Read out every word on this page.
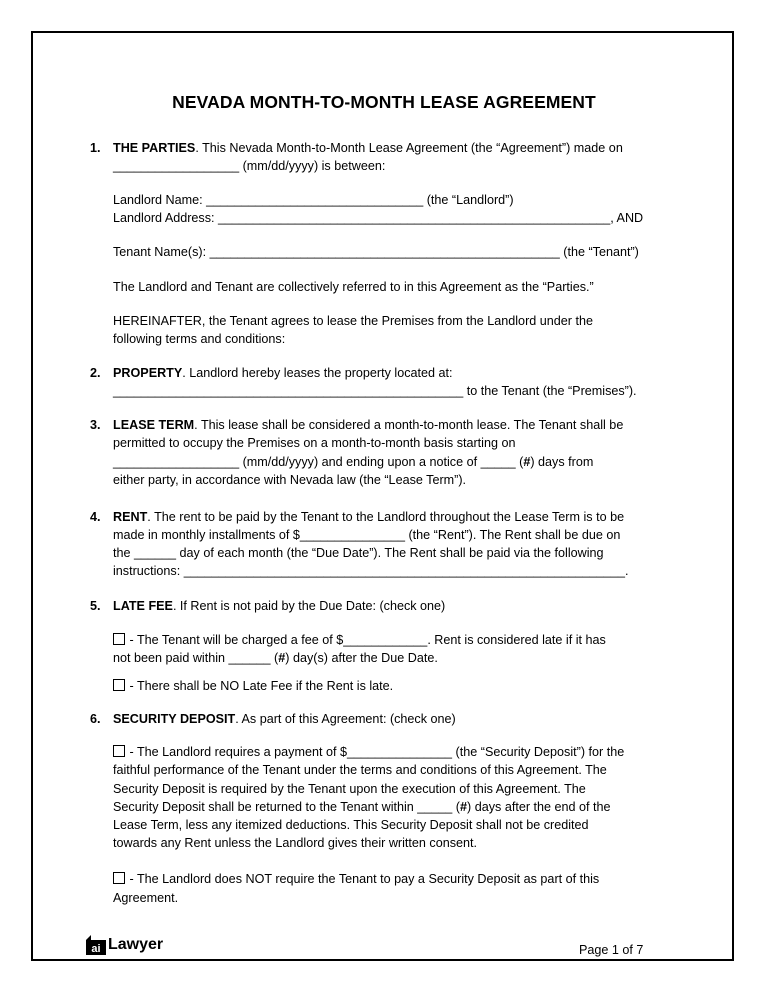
NEVADA MONTH-TO-MONTH LEASE AGREEMENT
1. THE PARTIES. This Nevada Month-to-Month Lease Agreement (the “Agreement”) made on
__________________ (mm/dd/yyyy) is between:
Landlord Name: _______________________________ (the “Landlord”)
Landlord Address: ________________________________________________________, AND
Tenant Name(s): __________________________________________________ (the “Tenant”)
The Landlord and Tenant are collectively referred to in this Agreement as the “Parties.”
HEREINAFTER, the Tenant agrees to lease the Premises from the Landlord under the
following terms and conditions:
2. PROPERTY. Landlord hereby leases the property located at:
__________________________________________________ to the Tenant (the “Premises”).
3. LEASE TERM. This lease shall be considered a month-to-month lease. The Tenant shall be
permitted to occupy the Premises on a month-to-month basis starting on
__________________ (mm/dd/yyyy) and ending upon a notice of _____ (#) days from
either party, in accordance with Nevada law (the “Lease Term”).
4. RENT. The rent to be paid by the Tenant to the Landlord throughout the Lease Term is to be
made in monthly installments of $_______________ (the “Rent”). The Rent shall be due on
the ______ day of each month (the “Due Date”). The Rent shall be paid via the following
instructions: _______________________________________________________________.
5. LATE FEE. If Rent is not paid by the Due Date: (check one)
- The Tenant will be charged a fee of $____________. Rent is considered late if it has
not been paid within ______ (#) day(s) after the Due Date.
- There shall be NO Late Fee if the Rent is late.
6. SECURITY DEPOSIT. As part of this Agreement: (check one)
- The Landlord requires a payment of $_______________ (the “Security Deposit”) for the
faithful performance of the Tenant under the terms and conditions of this Agreement. The
Security Deposit is required by the Tenant upon the execution of this Agreement. The
Security Deposit shall be returned to the Tenant within _____ (#) days after the end of the
Lease Term, less any itemized deductions. This Security Deposit shall not be credited
towards any Rent unless the Landlord gives their written consent.
- The Landlord does NOT require the Tenant to pay a Security Deposit as part of this
Agreement.
ai Lawyer	Page 1 of 7
